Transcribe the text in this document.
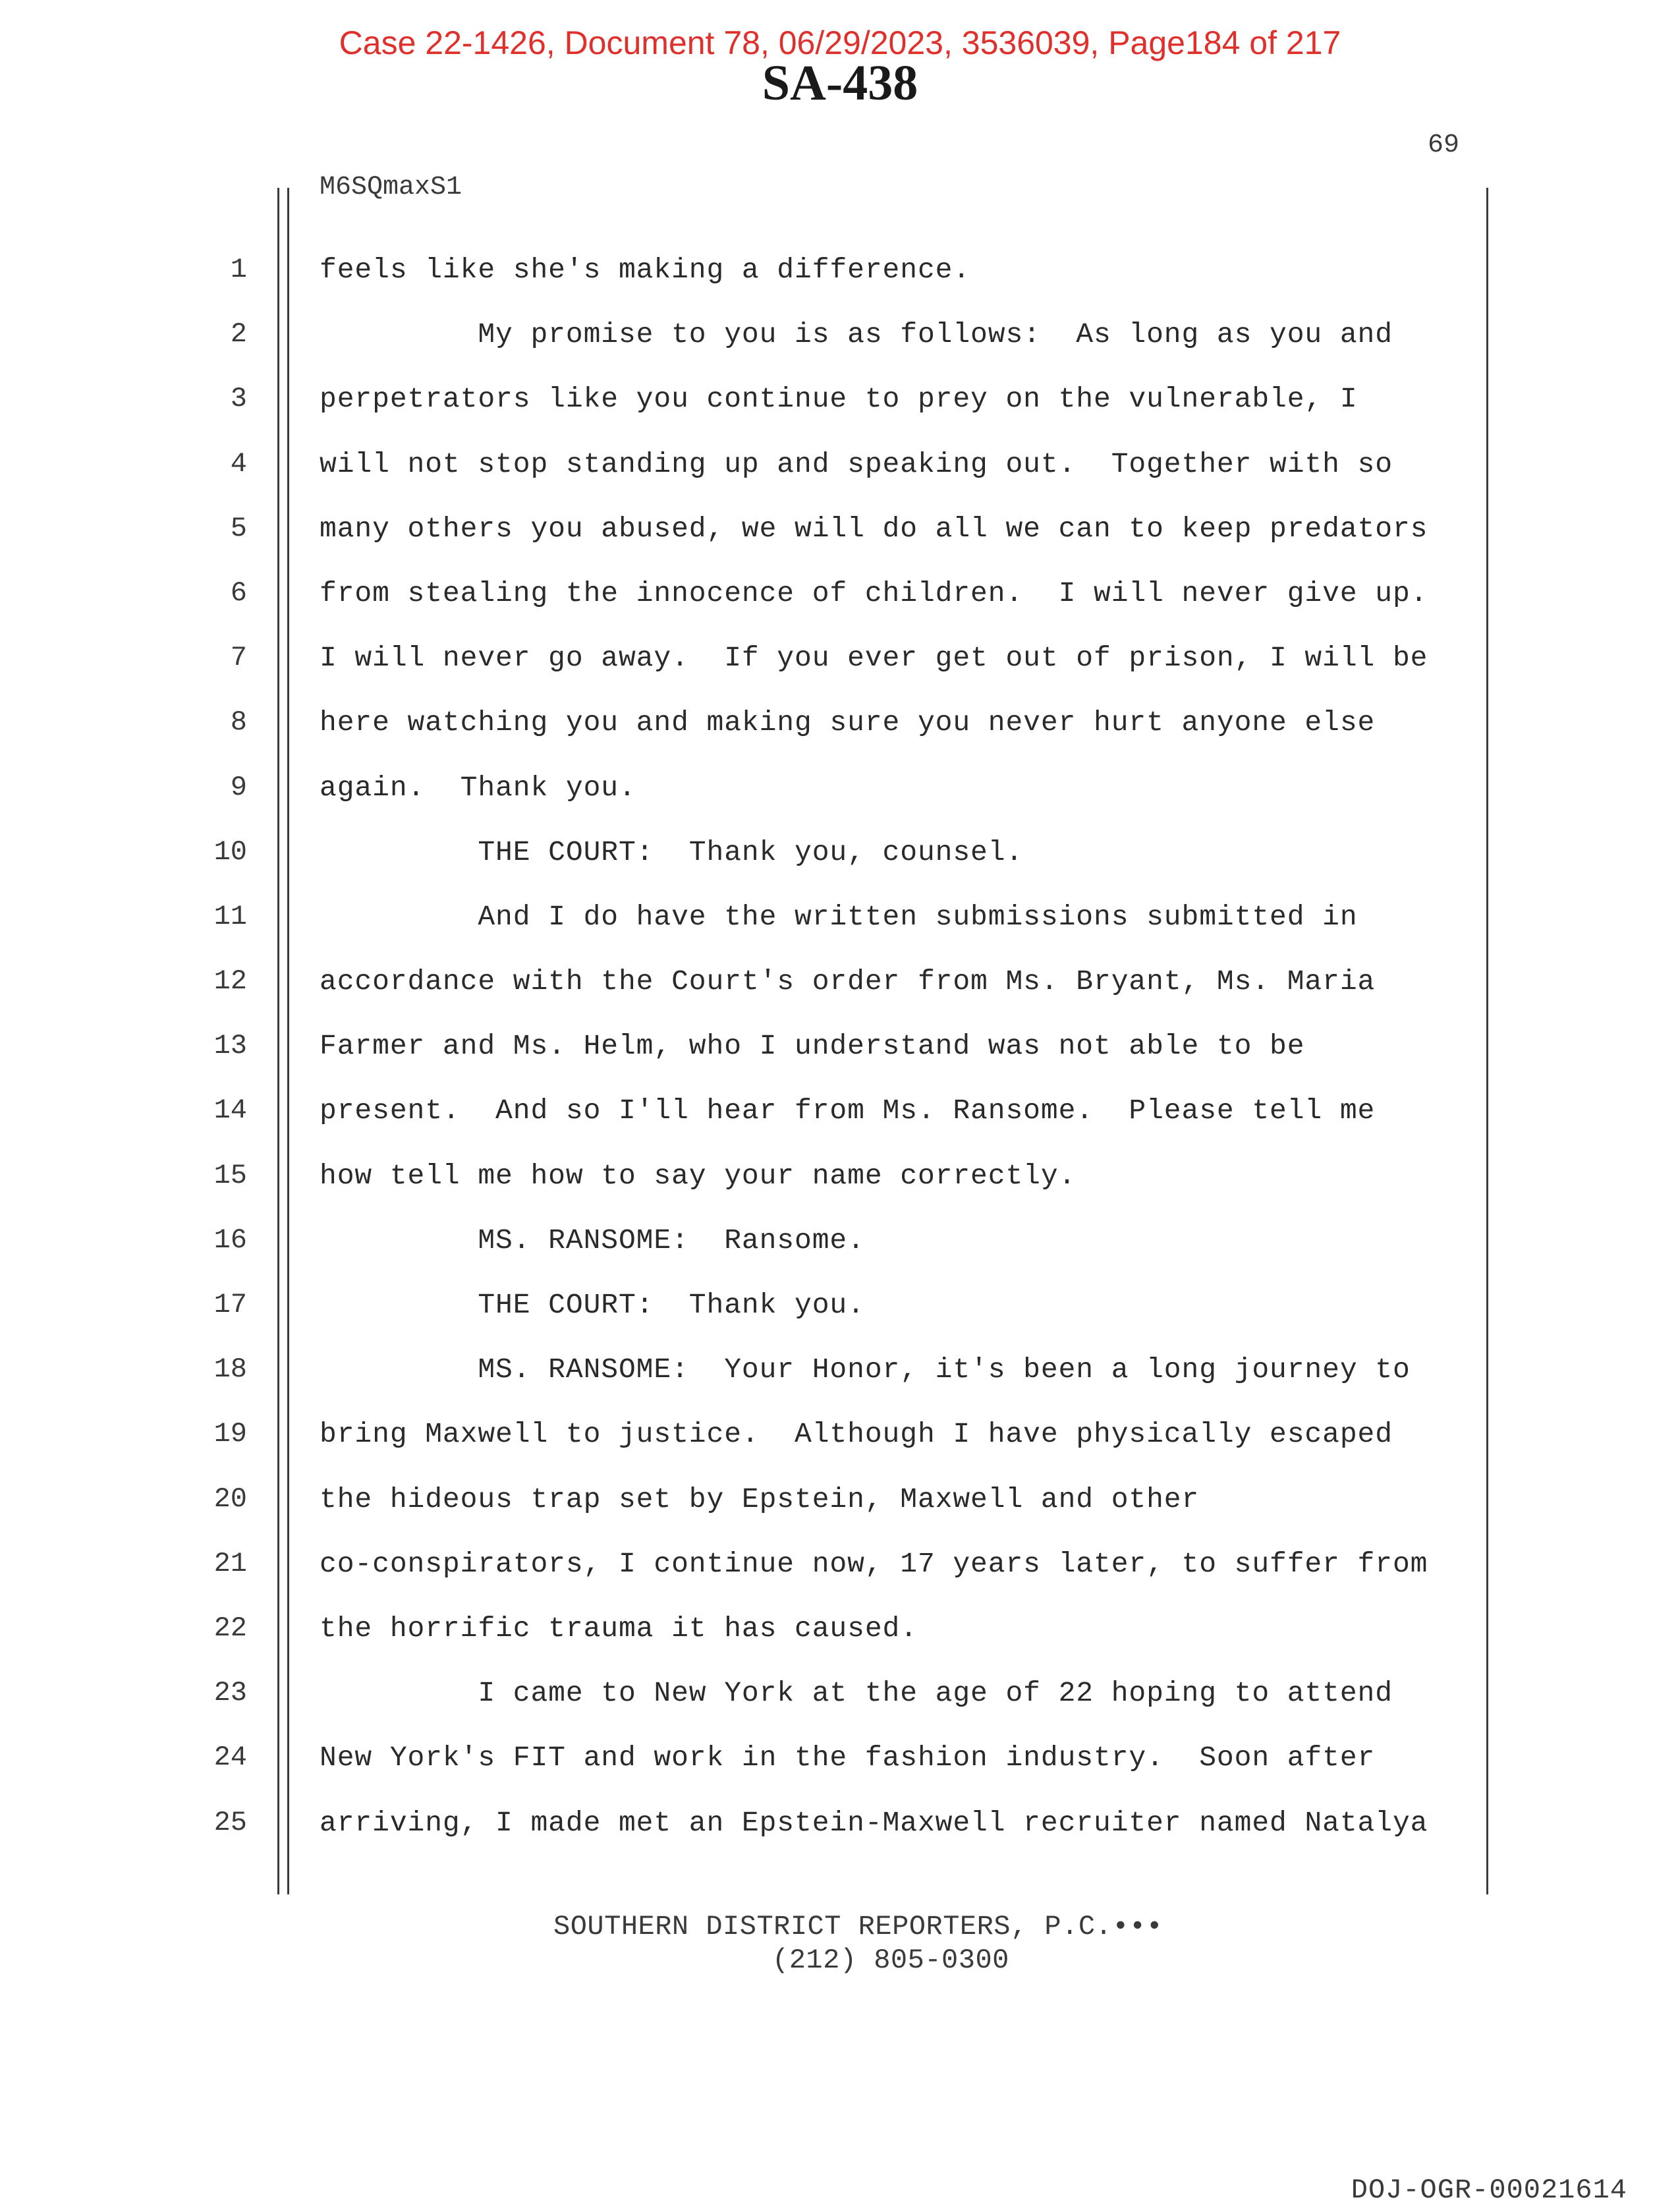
Case 22-1426, Document 78, 06/29/2023, 3536039, Page184 of 217
SA-438
69
M6SQmaxS1
1	feels like she's making a difference.
2	My promise to you is as follows:  As long as you and
3	perpetrators like you continue to prey on the vulnerable, I
4	will not stop standing up and speaking out.  Together with so
5	many others you abused, we will do all we can to keep predators
6	from stealing the innocence of children.  I will never give up.
7	I will never go away.  If you ever get out of prison, I will be
8	here watching you and making sure you never hurt anyone else
9	again.  Thank you.
10	THE COURT:  Thank you, counsel.
11	And I do have the written submissions submitted in
12	accordance with the Court's order from Ms. Bryant, Ms. Maria
13	Farmer and Ms. Helm, who I understand was not able to be
14	present.  And so I'll hear from Ms. Ransome.  Please tell me
15	how tell me how to say your name correctly.
16	MS. RANSOME:  Ransome.
17	THE COURT:  Thank you.
18	MS. RANSOME:  Your Honor, it's been a long journey to
19	bring Maxwell to justice.  Although I have physically escaped
20	the hideous trap set by Epstein, Maxwell and other
21	co-conspirators, I continue now, 17 years later, to suffer from
22	the horrific trauma it has caused.
23	I came to New York at the age of 22 hoping to attend
24	New York's FIT and work in the fashion industry.  Soon after
25	arriving, I made met an Epstein-Maxwell recruiter named Natalya
SOUTHERN DISTRICT REPORTERS, P.C.•••
(212) 805-0300
DOJ-OGR-00021614
